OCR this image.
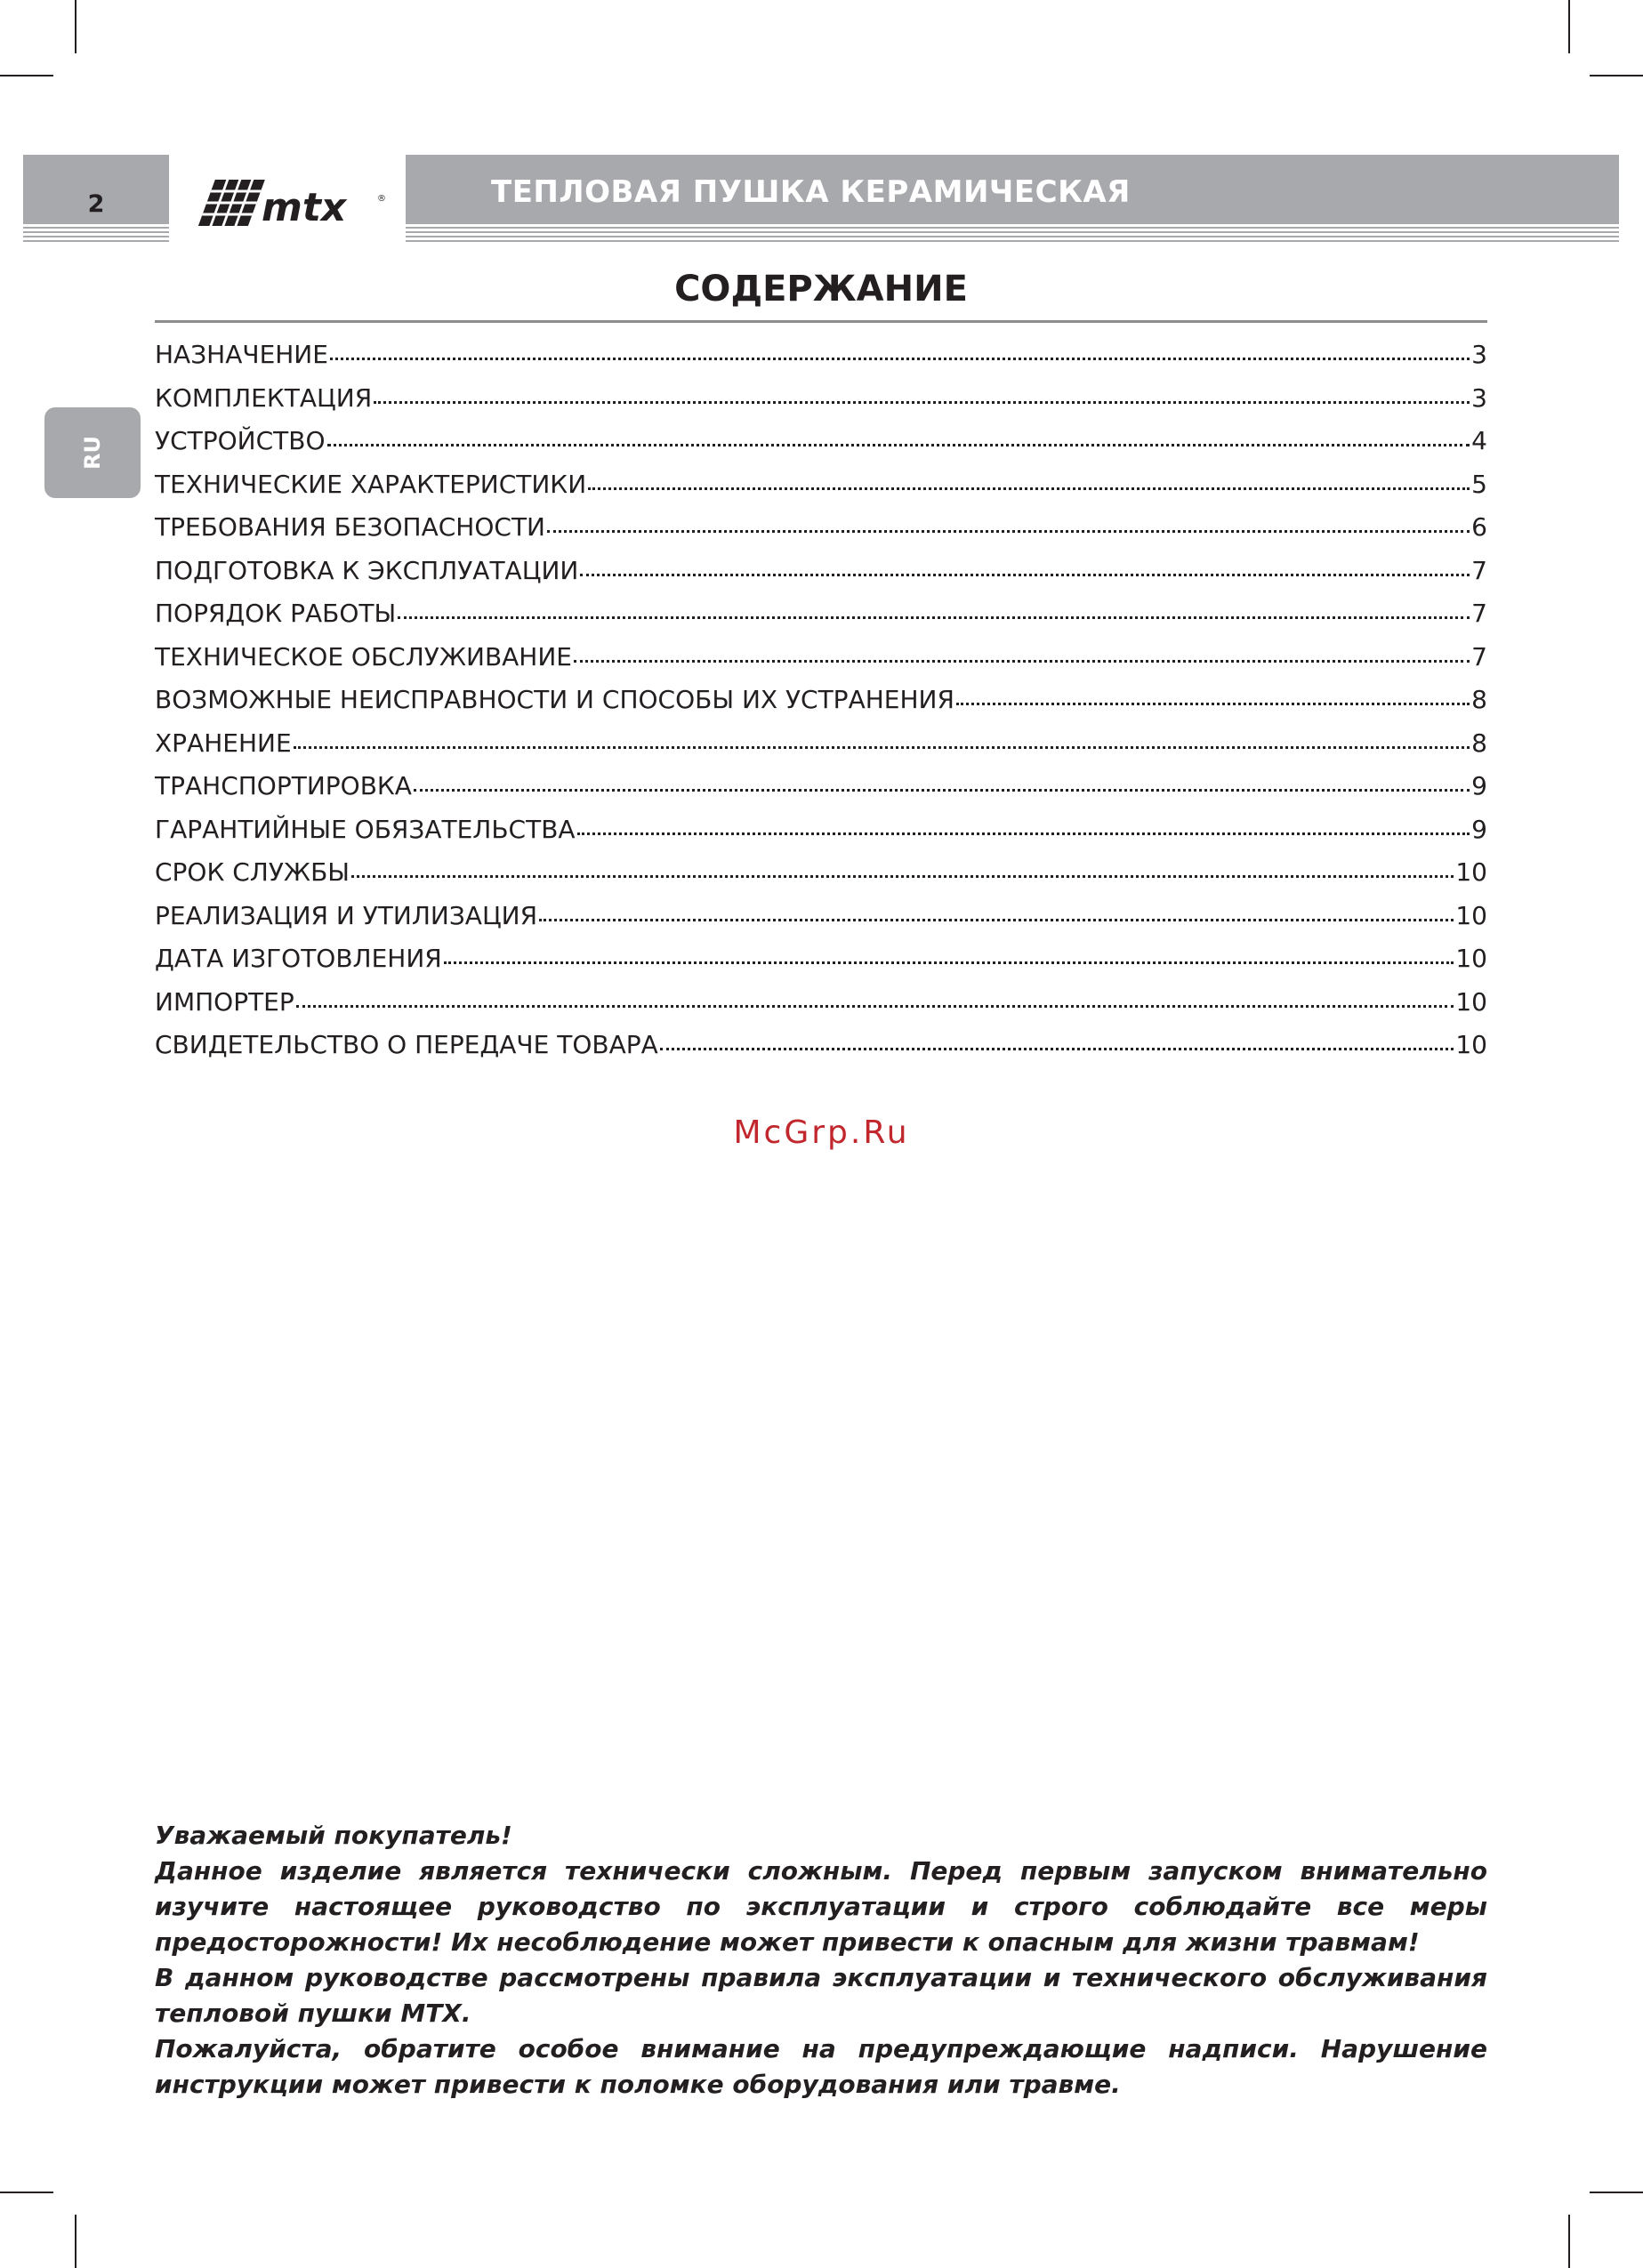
2	ТЕПЛОВАЯ ПУШКА КЕРАМИЧЕСКАЯ
mtx	®
RU
СОДЕРЖАНИЕ
НАЗНАЧЕНИЕ	3
КОМПЛЕКТАЦИЯ	3
УСТРОЙСТВО	4
ТЕХНИЧЕСКИЕ ХАРАКТЕРИСТИКИ	5
ТРЕБОВАНИЯ БЕЗОПАСНОСТИ	6
ПОДГОТОВКА К ЭКСПЛУАТАЦИИ	7
ПОРЯДОК РАБОТЫ	7
ТЕХНИЧЕСКОЕ ОБСЛУЖИВАНИЕ	7
ВОЗМОЖНЫЕ НЕИСПРАВНОСТИ И СПОСОБЫ ИХ УСТРАНЕНИЯ	8
ХРАНЕНИЕ	8
ТРАНСПОРТИРОВКА	9
ГАРАНТИЙНЫЕ ОБЯЗАТЕЛЬСТВА	9
СРОК СЛУЖБЫ	10
РЕАЛИЗАЦИЯ И УТИЛИЗАЦИЯ	10
ДАТА ИЗГОТОВЛЕНИЯ	10
ИМПОРТЕР	10
СВИДЕТЕЛЬСТВО О ПЕРЕДАЧЕ ТОВАРА	10
McGrp.Ru

Уважаемый покупатель!

Данное изделие является технически сложным. Перед первым запуском внимательно изучите настоящее руководство по эксплуатации и строго соблюдайте все меры предосторожности! Их несоблюдение может привести к опасным для жизни травмам!

В данном руководстве рассмотрены правила эксплуатации и технического обслуживания тепловой пушки МТХ.

Пожалуйста, обратите особое внимание на предупреждающие надписи. Нарушение инструкции может привести к поломке оборудования или травме.
